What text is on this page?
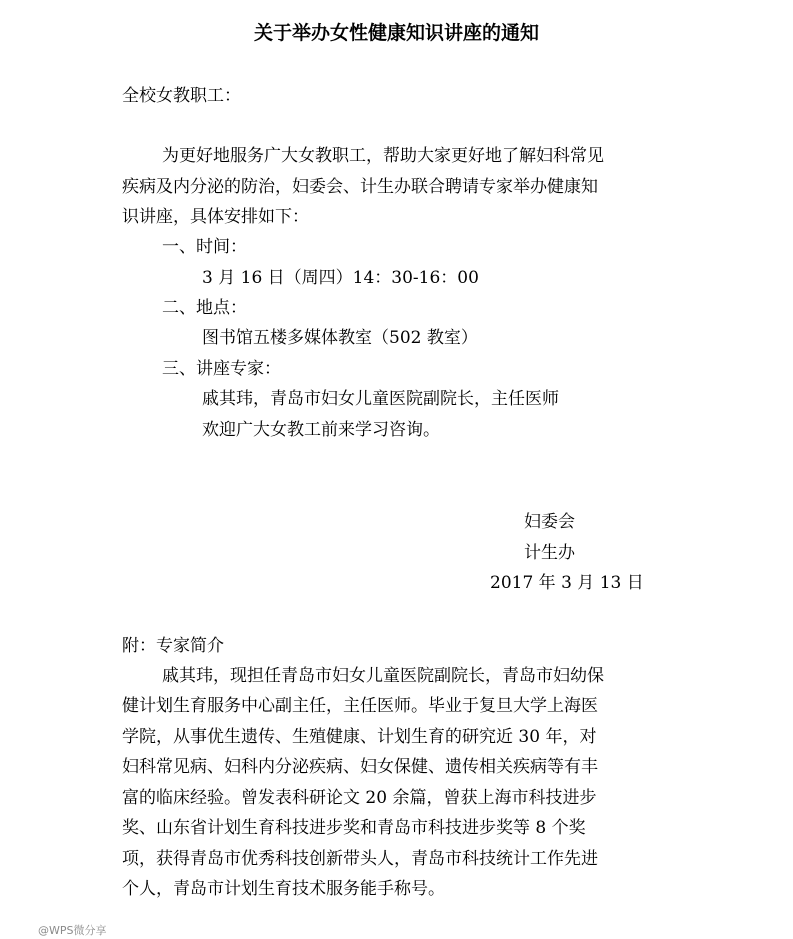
关于举办女性健康知识讲座的通知
全校女教职工：
为更好地服务广大女教职工，帮助大家更好地了解妇科常见
疾病及内分泌的防治，妇委会、计生办联合聘请专家举办健康知
识讲座，具体安排如下：
一、时间：
3 月 16 日（周四）14：30-16：00
二、地点：
图书馆五楼多媒体教室（502 教室）
三、讲座专家：
戚其玮，青岛市妇女儿童医院副院长，主任医师
欢迎广大女教工前来学习咨询。
妇委会
计生办
2017 年 3 月 13 日
附：专家简介
戚其玮，现担任青岛市妇女儿童医院副院长，青岛市妇幼保
健计划生育服务中心副主任，主任医师。毕业于复旦大学上海医
学院，从事优生遗传、生殖健康、计划生育的研究近 30 年，对
妇科常见病、妇科内分泌疾病、妇女保健、遗传相关疾病等有丰
富的临床经验。曾发表科研论文 20 余篇，曾获上海市科技进步
奖、山东省计划生育科技进步奖和青岛市科技进步奖等 8 个奖
项，获得青岛市优秀科技创新带头人，青岛市科技统计工作先进
个人，青岛市计划生育技术服务能手称号。
@WPS微分享
